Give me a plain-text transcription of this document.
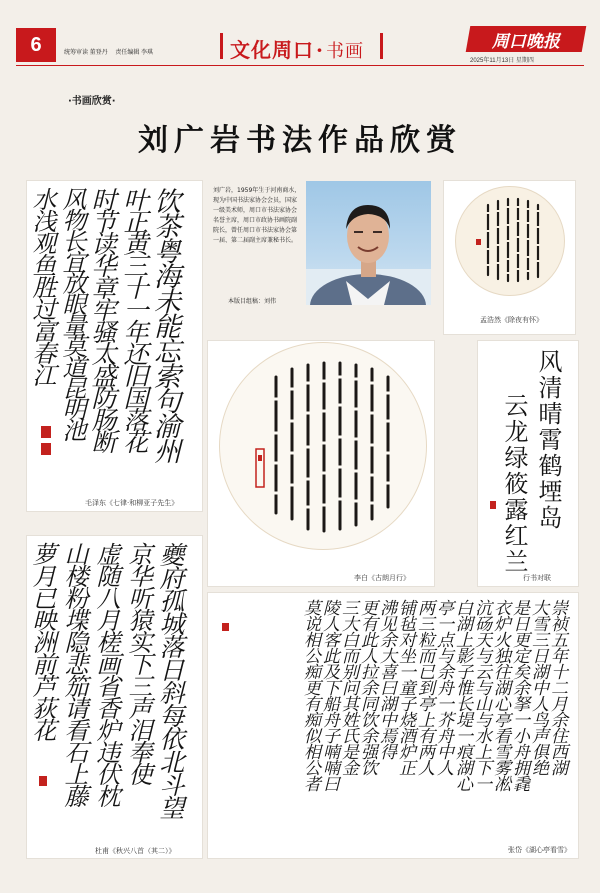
6	统筹审读 董登丹 责任编辑 李琪	文化周口 · 书画	周口晚报
2025年11月13日 星期四
·书画欣赏·
刘广岩书法作品欣赏
饮茶粤海未能忘索句渝州
叶正黄三十一年还旧国落花
时节读华章牢骚太盛防肠断
风物长宜放眼量莫道昆明池
水浅观鱼胜过富春江
毛泽东《七律·和柳亚子先生》
刘广岩，1959年生于河南商水，现为中国书法家协会会员，国家一级美术师，周口市书法家协会名誉主席，周口市政协书画院副院长，曾任周口市书法家协会第一届、第二届副主席兼秘书长。
本版目组稿：刘伟
孟浩然《除夜有怀》
李白《古朗月行》
风清晴霄鹤堙岛
云龙绿筱露红兰
行书对联
夔府孤城落日斜每依北斗望
京华听猿实下三声泪奉使
虚随八月槎画省香炉违伏枕
山楼粉堞隐悲笳请看石上藤
萝月已映洲前芦荻花
杜甫《秋兴八首（其二）》
崇祯五年十二月余住西湖
大雪三日湖中人鸟声俱绝
是日更定矣余拏一小舟拥毳
衣炉火独往湖心亭看雪雾凇
沆砀天与云与山与水上下一
白湖上影子惟长堤一痕湖心
亭一点与余舟一芥舟中人
两三粒而已到亭上有两人
铺毡对坐一童子烧酒炉正
沸见余大喜曰湖中焉得
更有此人拉余同饮余强饮
三大白而别问其姓氏是金
陵人客此及下船舟子喃喃曰
莫说相公痴更有痴似相公者
张岱《湖心亭看雪》
